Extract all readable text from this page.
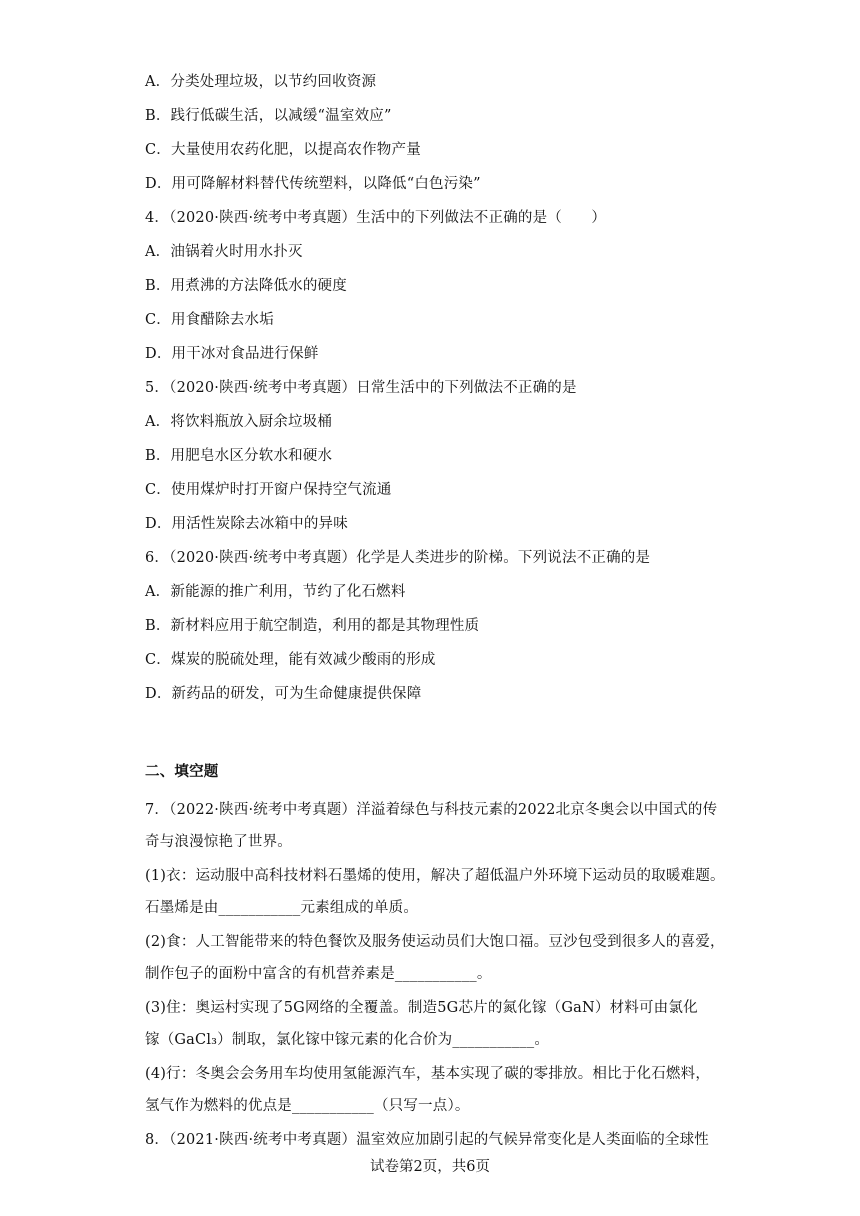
A．分类处理垃圾，以节约回收资源
B．践行低碳生活，以减缓“温室效应”
C．大量使用农药化肥，以提高农作物产量
D．用可降解材料替代传统塑料，以降低“白色污染”
4．（2020·陕西·统考中考真题）生活中的下列做法不正确的是（　　）
A．油锅着火时用水扑灭
B．用煮沸的方法降低水的硬度
C．用食醋除去水垢
D．用干冰对食品进行保鲜
5．（2020·陕西·统考中考真题）日常生活中的下列做法不正确的是
A．将饮料瓶放入厨余垃圾桶
B．用肥皂水区分软水和硬水
C．使用煤炉时打开窗户保持空气流通
D．用活性炭除去冰箱中的异味
6．（2020·陕西·统考中考真题）化学是人类进步的阶梯。下列说法不正确的是
A．新能源的推广利用，节约了化石燃料
B．新材料应用于航空制造，利用的都是其物理性质
C．煤炭的脱硫处理，能有效减少酸雨的形成
D．新药品的研发，可为生命健康提供保障
二、填空题
7．（2022·陕西·统考中考真题）洋溢着绿色与科技元素的2022北京冬奥会以中国式的传
奇与浪漫惊艳了世界。
(1)衣：运动服中高科技材料石墨烯的使用，解决了超低温户外环境下运动员的取暖难题。
石墨烯是由___________元素组成的单质。
(2)食：人工智能带来的特色餐饮及服务使运动员们大饱口福。豆沙包受到很多人的喜爱，
制作包子的面粉中富含的有机营养素是___________。
(3)住：奥运村实现了5G网络的全覆盖。制造5G芯片的氮化镓（GaN）材料可由氯化
镓（GaCl₃）制取，氯化镓中镓元素的化合价为___________。
(4)行：冬奥会会务用车均使用氢能源汽车，基本实现了碳的零排放。相比于化石燃料，
氢气作为燃料的优点是___________（只写一点）。
8．（2021·陕西·统考中考真题）温室效应加剧引起的气候异常变化是人类面临的全球性
试卷第2页，共6页
